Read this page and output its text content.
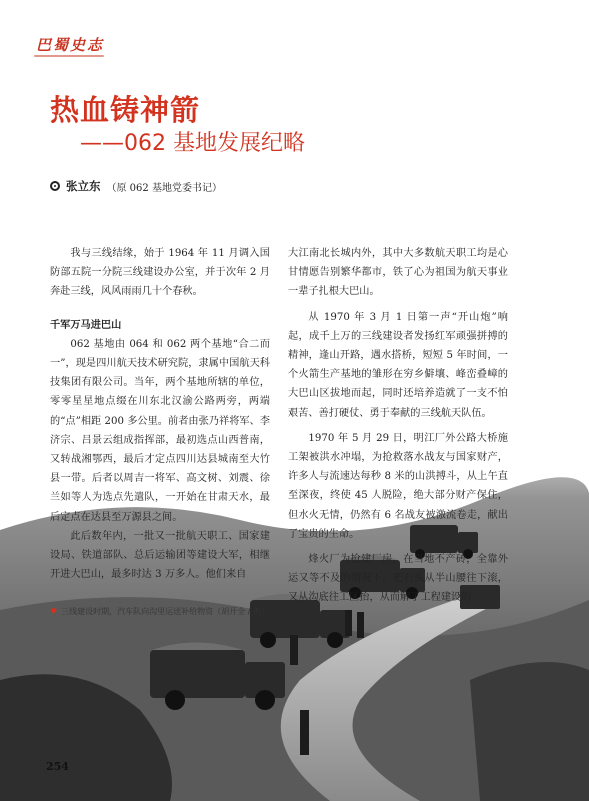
巴蜀史志
热血铸神箭
——062 基地发展纪略
张立东 （原 062 基地党委书记）

我与三线结缘，始于 1964 年 11 月调入国防部五院一分院三线建设办公室，并于次年 2 月奔赴三线，风风雨雨几十个春秋。

千军万马进巴山

062 基地由 064 和 062 两个基地“合二而一”，现是四川航天技术研究院，隶属中国航天科技集团有限公司。当年，两个基地所辖的单位，零零星星地点缀在川东北汉渝公路两旁，两端的“点”相距 200 多公里。前者由张乃祥将军、李济宗、吕景云组成指挥部，最初选点山西普南，又转战湘鄂西，最后才定点四川达县城南至大竹县一带。后者以周吉一将军、高文树、刘震、徐兰如等人为选点先遣队，一开始在甘肃天水，最后定点在达县至万源县之间。

此后数年内，一批又一批航天职工、国家建设局、铁道部队、总后运输团等建设大军，相继开进大巴山，最多时达 3 万多人。他们来自

大江南北长城内外，其中大多数航天职工均是心甘情愿告别繁华都市，铁了心为祖国为航天事业一辈子扎根大巴山。

从 1970 年 3 月 1 日第一声“开山炮”响起，成千上万的三线建设者发扬红军顽强拼搏的精神，逢山开路，遇水搭桥，短短 5 年时间，一个火箭生产基地的雏形在穷乡僻壤、峰峦叠嶂的大巴山区拔地而起，同时还培养造就了一支不怕艰苦、善打硬仗、勇于奉献的三线航天队伍。

1970 年 5 月 29 日，明江厂外公路大桥施工架被洪水冲塌，为抢救落水战友与国家财产，许多人与流速达每秒 8 米的山洪搏斗，从上午直至深夜，终使 45 人脱险，绝大部分财产保住，但水火无情，仍然有 6 名战友被激流卷走，献出了宝贵的生命。

烽火厂为抢建厂房，在当地不产砖，全靠外运又等不及的情况下，把石头从半山腰往下滚，又从沟底往工区抬，从而解了工程建设的

♥ 三线建设时期，汽车队向沟里运送补给物资（胡开全 / 供）
254
